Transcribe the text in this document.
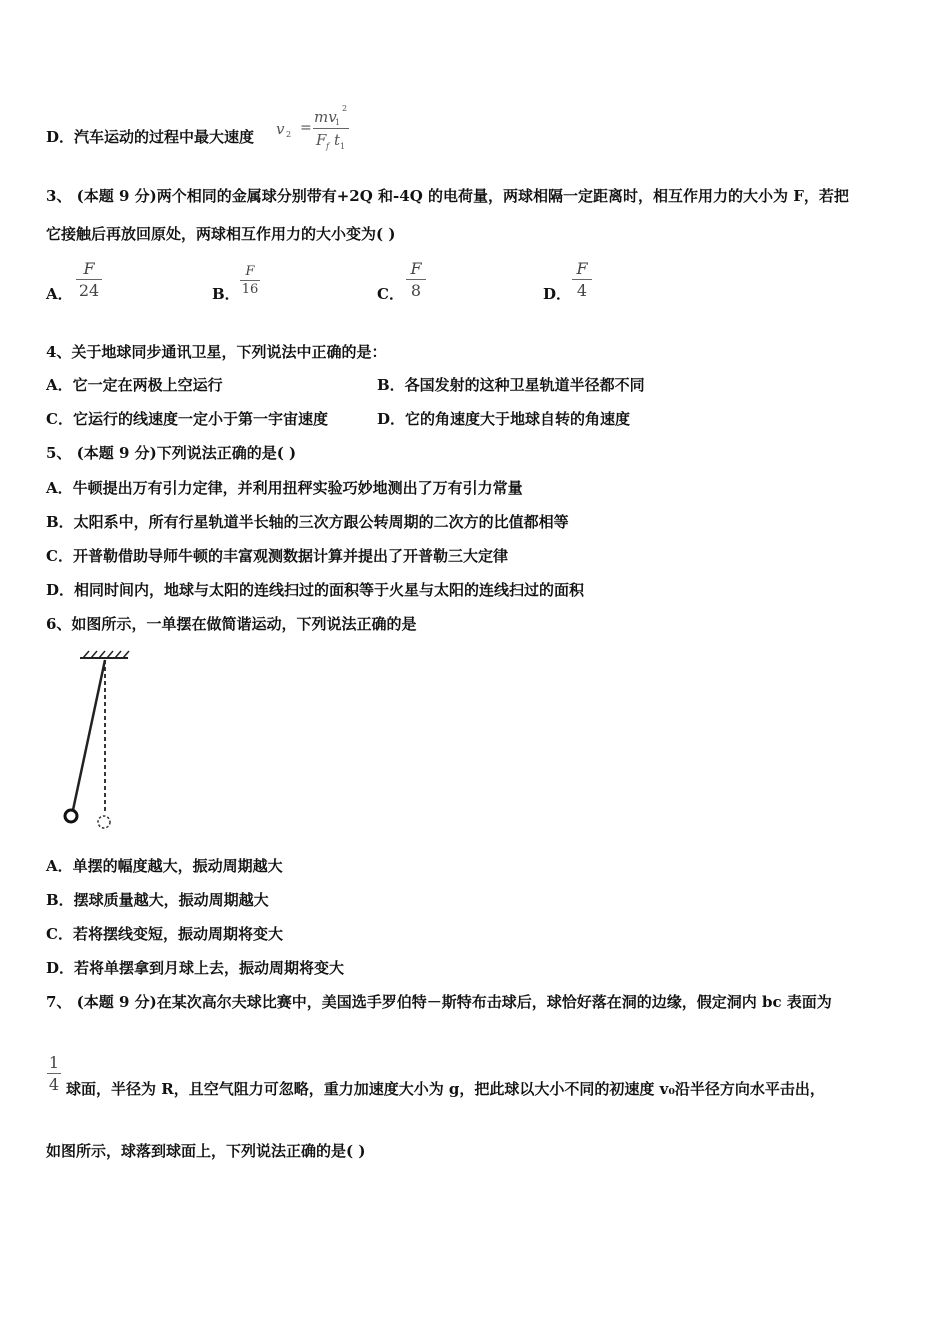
D．汽车运动的过程中最大速度 v 2 =
mv
1
2
F f t 1
3、 (本题 9 分)两个相同的金属球分别带有+2Q 和-4Q 的电荷量，两球相隔一定距离时，相互作用力的大小为 F，若把
它接触后再放回原处，两球相互作用力的大小变为( )
A．
F
24	B．
F
16	C．
F
8	D．
F
4
4、关于地球同步通讯卫星，下列说法中正确的是：
A．它一定在两极上空运行	B．各国发射的这种卫星轨道半径都不同
C．它运行的线速度一定小于第一宇宙速度	D．它的角速度大于地球自转的角速度
5、 (本题 9 分)下列说法正确的是( )
A．牛顿提出万有引力定律，并利用扭秤实验巧妙地测出了万有引力常量
B．太阳系中，所有行星轨道半长轴的三次方跟公转周期的二次方的比值都相等
C．开普勒借助导师牛顿的丰富观测数据计算并提出了开普勒三大定律
D．相同时间内，地球与太阳的连线扫过的面积等于火星与太阳的连线扫过的面积
6、如图所示，一单摆在做简谐运动，下列说法正确的是
A．单摆的幅度越大，振动周期越大
B．摆球质量越大，振动周期越大
C．若将摆线变短，振动周期将变大
D．若将单摆拿到月球上去，振动周期将变大
7、 (本题 9 分)在某次高尔夫球比赛中，美国选手罗伯特－斯特布击球后，球恰好落在洞的边缘，假定洞内 bc 表面为
1
4 球面，半径为 R，且空气阻力可忽略，重力加速度大小为 g，把此球以大小不同的初速度 v₀沿半径方向水平击出，
如图所示，球落到球面上，下列说法正确的是( )
